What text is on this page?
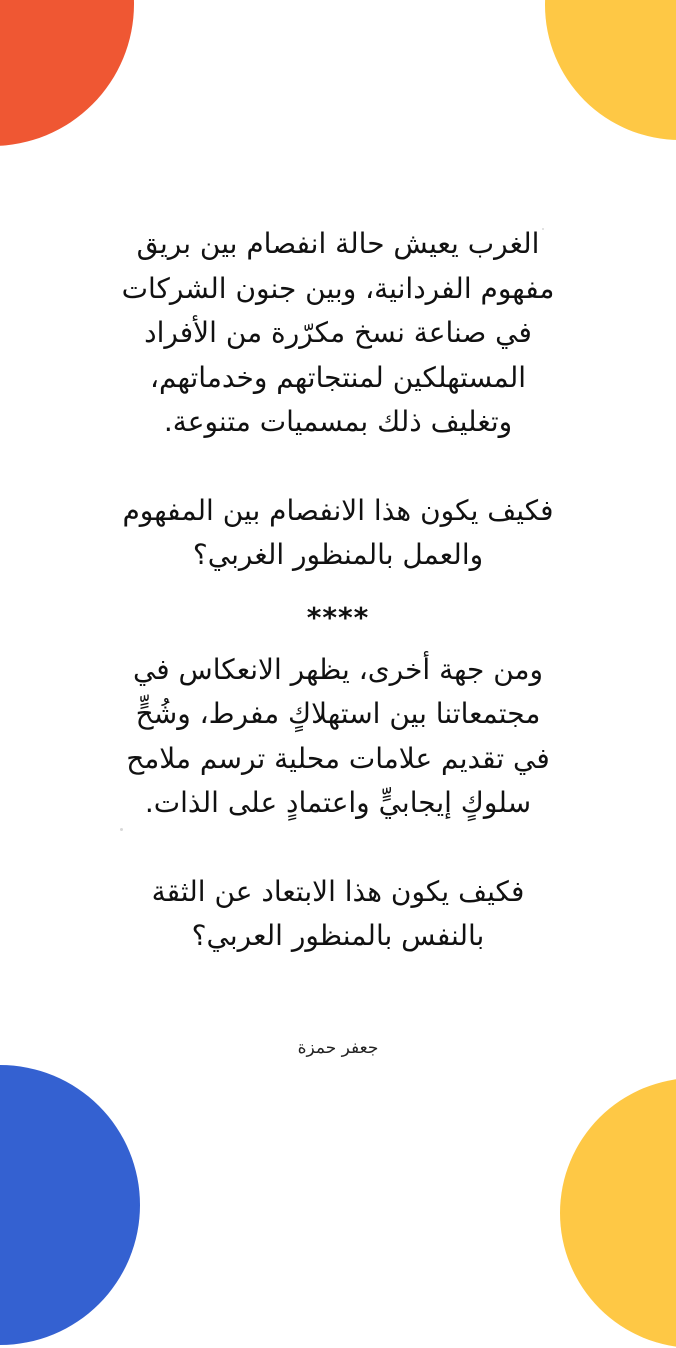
الغرب يعيش حالة انفصام بين بريق
مفهوم الفردانية، وبين جنون الشركات
في صناعة نسخ مكرّرة من الأفراد
المستهلكين لمنتجاتهم وخدماتهم،
وتغليف ذلك بمسميات متنوعة.

فكيف يكون هذا الانفصام بين المفهوم
والعمل بالمنظور الغربي؟

****

ومن جهة أخرى، يظهر الانعكاس في
مجتمعاتنا بين استهلاكٍ مفرط، وشُحٍّ
في تقديم علامات محلية ترسم ملامح
سلوكٍ إيجابيٍّ واعتمادٍ على الذات.

فكيف يكون هذا الابتعاد عن الثقة
بالنفس بالمنظور العربي؟

جعفر حمزة
